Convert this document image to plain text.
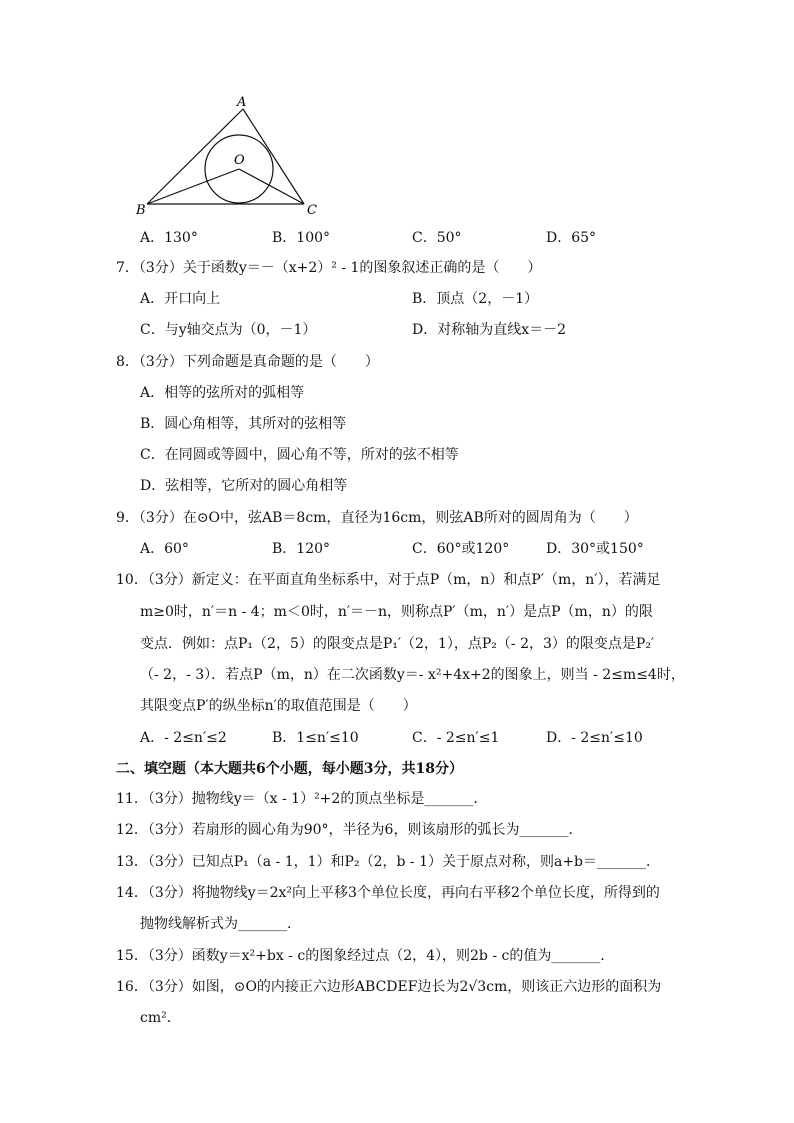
A
O
B	C
A．130°	B．100°	C．50°	D．65°
7．（3分）关于函数y＝－（x+2）² - 1的图象叙述正确的是（　　）
A．开口向上	B．顶点（2，－1）
C．与y轴交点为（0，－1）	D．对称轴为直线x＝－2
8．（3分）下列命题是真命题的是（　　）
A．相等的弦所对的弧相等
B．圆心角相等，其所对的弦相等
C．在同圆或等圆中，圆心角不等，所对的弦不相等
D．弦相等，它所对的圆心角相等
9．（3分）在⊙O中，弦AB＝8cm，直径为16cm，则弦AB所对的圆周角为（　　）
A．60°	B．120°	C．60°或120°	D．30°或150°
10．（3分）新定义：在平面直角坐标系中，对于点P（m，n）和点P′（m，n′），若满足
m≥0时，n′＝n - 4；m＜0时，n′＝－n，则称点P′（m，n′）是点P（m，n）的限
变点．例如：点P₁（2，5）的限变点是P₁′（2，1），点P₂（- 2，3）的限变点是P₂′
（- 2，- 3）．若点P（m，n）在二次函数y＝- x²+4x+2的图象上，则当 - 2≤m≤4时，
其限变点P′的纵坐标n′的取值范围是（　　）
A．- 2≤n′≤2	B．1≤n′≤10	C．- 2≤n′≤1	D．- 2≤n′≤10
二、填空题（本大题共6个小题，每小题3分，共18分）
11．（3分）抛物线y＝（x - 1）²+2的顶点坐标是_______．
12．（3分）若扇形的圆心角为90°，半径为6，则该扇形的弧长为_______．
13．（3分）已知点P₁（a - 1，1）和P₂（2，b - 1）关于原点对称，则a+b＝_______．
14．（3分）将抛物线y＝2x²向上平移3个单位长度，再向右平移2个单位长度，所得到的
抛物线解析式为_______．
15．（3分）函数y＝x²+bx - c的图象经过点（2，4），则2b - c的值为_______．
16．（3分）如图，⊙O的内接正六边形ABCDEF边长为2√3cm，则该正六边形的面积为
cm²．
